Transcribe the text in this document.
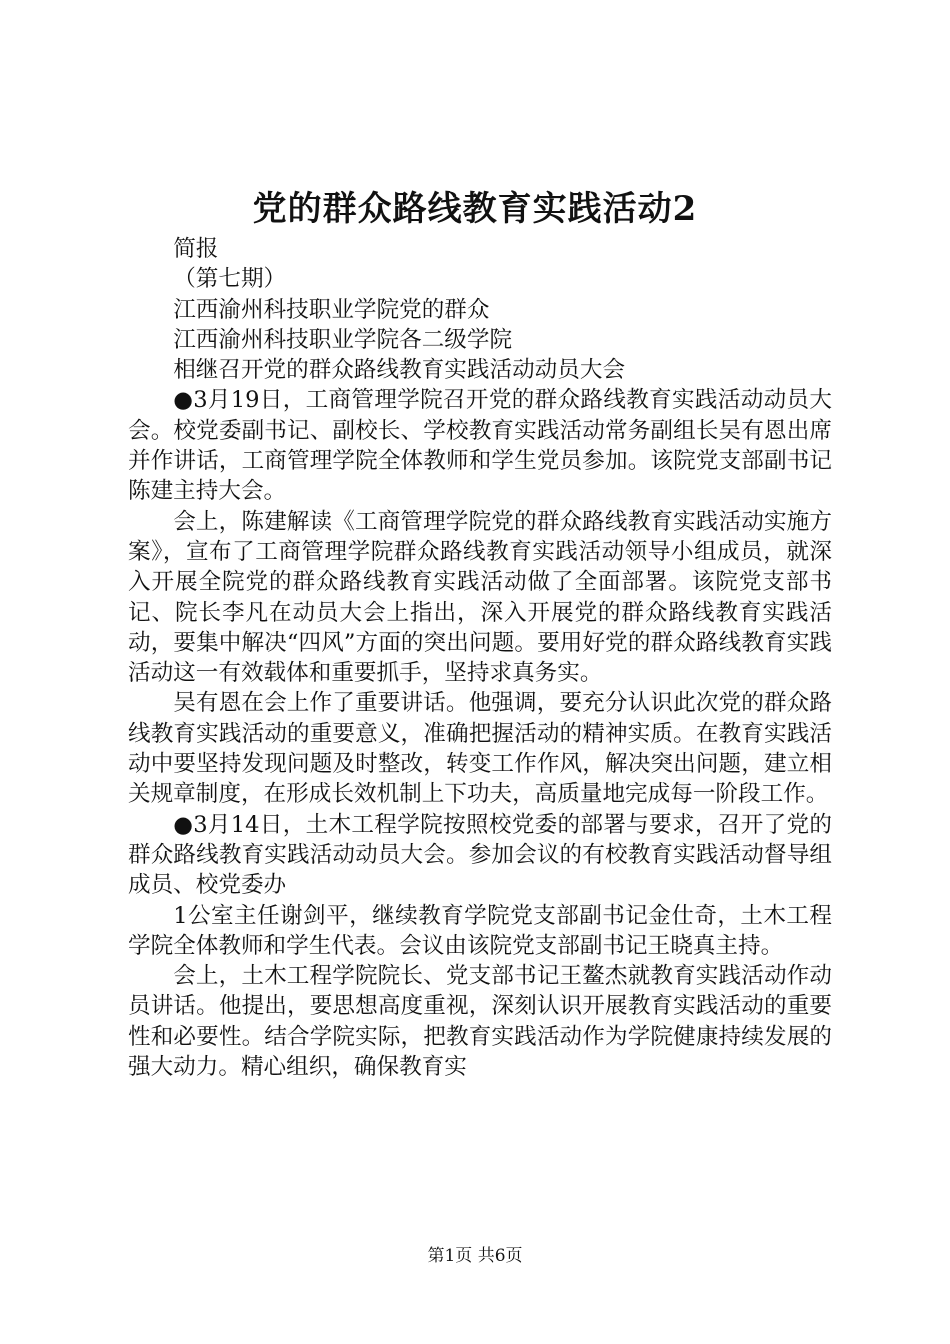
党的群众路线教育实践活动2

简报

（第七期）

江西渝州科技职业学院党的群众

江西渝州科技职业学院各二级学院

相继召开党的群众路线教育实践活动动员大会

●3月19日，工商管理学院召开党的群众路线教育实践活动动员大会。校党委副书记、副校长、学校教育实践活动常务副组长吴有恩出席并作讲话，工商管理学院全体教师和学生党员参加。该院党支部副书记陈建主持大会。

会上，陈建解读《工商管理学院党的群众路线教育实践活动实施方案》，宣布了工商管理学院群众路线教育实践活动领导小组成员，就深入开展全院党的群众路线教育实践活动做了全面部署。该院党支部书记、院长李凡在动员大会上指出，深入开展党的群众路线教育实践活动，要集中解决“四风”方面的突出问题。要用好党的群众路线教育实践活动这一有效载体和重要抓手，坚持求真务实。

吴有恩在会上作了重要讲话。他强调，要充分认识此次党的群众路线教育实践活动的重要意义，准确把握活动的精神实质。在教育实践活动中要坚持发现问题及时整改，转变工作作风，解决突出问题，建立相关规章制度，在形成长效机制上下功夫，高质量地完成每一阶段工作。

●3月14日，土木工程学院按照校党委的部署与要求，召开了党的群众路线教育实践活动动员大会。参加会议的有校教育实践活动督导组成员、校党委办

1公室主任谢剑平，继续教育学院党支部副书记金仕奇，土木工程学院全体教师和学生代表。会议由该院党支部副书记王晓真主持。

会上，土木工程学院院长、党支部书记王鳌杰就教育实践活动作动员讲话。他提出，要思想高度重视，深刻认识开展教育实践活动的重要性和必要性。结合学院实际，把教育实践活动作为学院健康持续发展的强大动力。精心组织，确保教育实

第1页 共6页
